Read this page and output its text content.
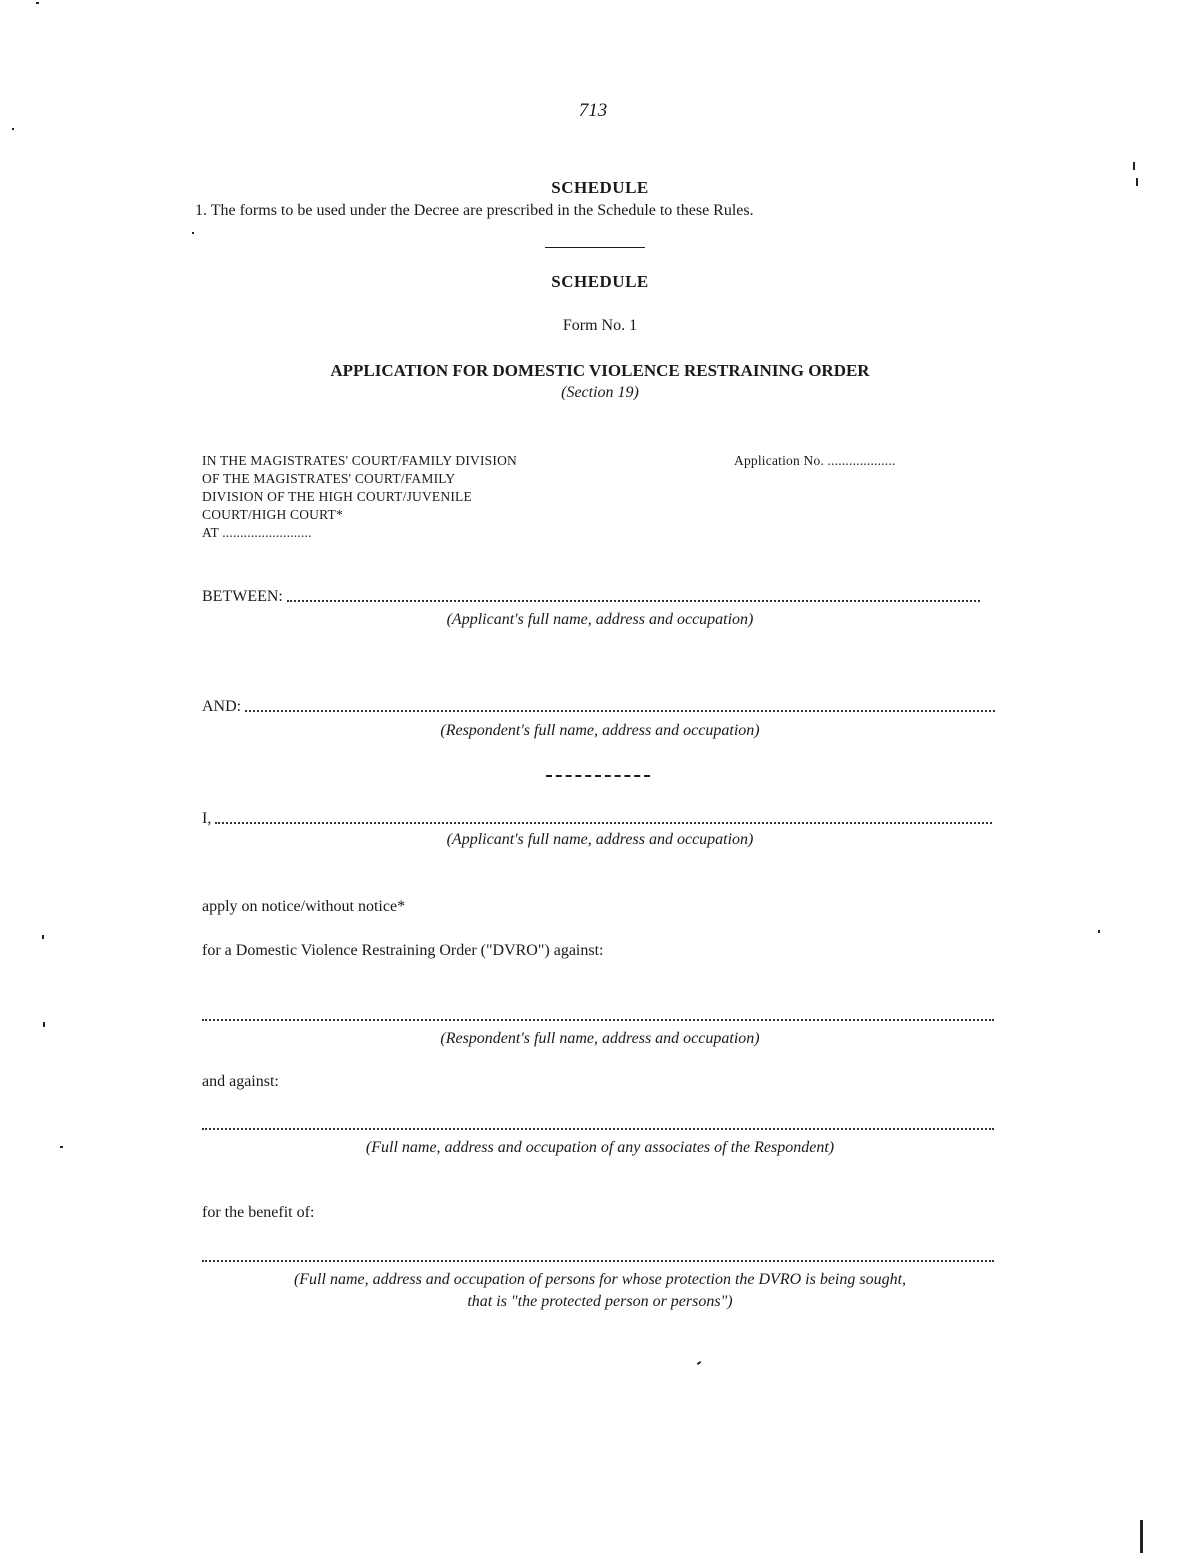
713
SCHEDULE
1. The forms to be used under the Decree are prescribed in the Schedule to these Rules.
SCHEDULE
Form No. 1
APPLICATION FOR DOMESTIC VIOLENCE RESTRAINING ORDER
(Section 19)
IN THE MAGISTRATES' COURT/FAMILY DIVISION
OF THE MAGISTRATES' COURT/FAMILY
DIVISION OF THE HIGH COURT/JUVENILE
COURT/HIGH COURT*
AT .........................
Application No. ...................
BETWEEN:
(Applicant's full name, address and occupation)
AND:
(Respondent's full name, address and occupation)
I,
(Applicant's full name, address and occupation)
apply on notice/without notice*
for a Domestic Violence Restraining Order ("DVRO") against:
(Respondent's full name, address and occupation)
and against:
(Full name, address and occupation of any associates of the Respondent)
for the benefit of:
(Full name, address and occupation of persons for whose protection the DVRO is being sought,
that is "the protected person or persons")
